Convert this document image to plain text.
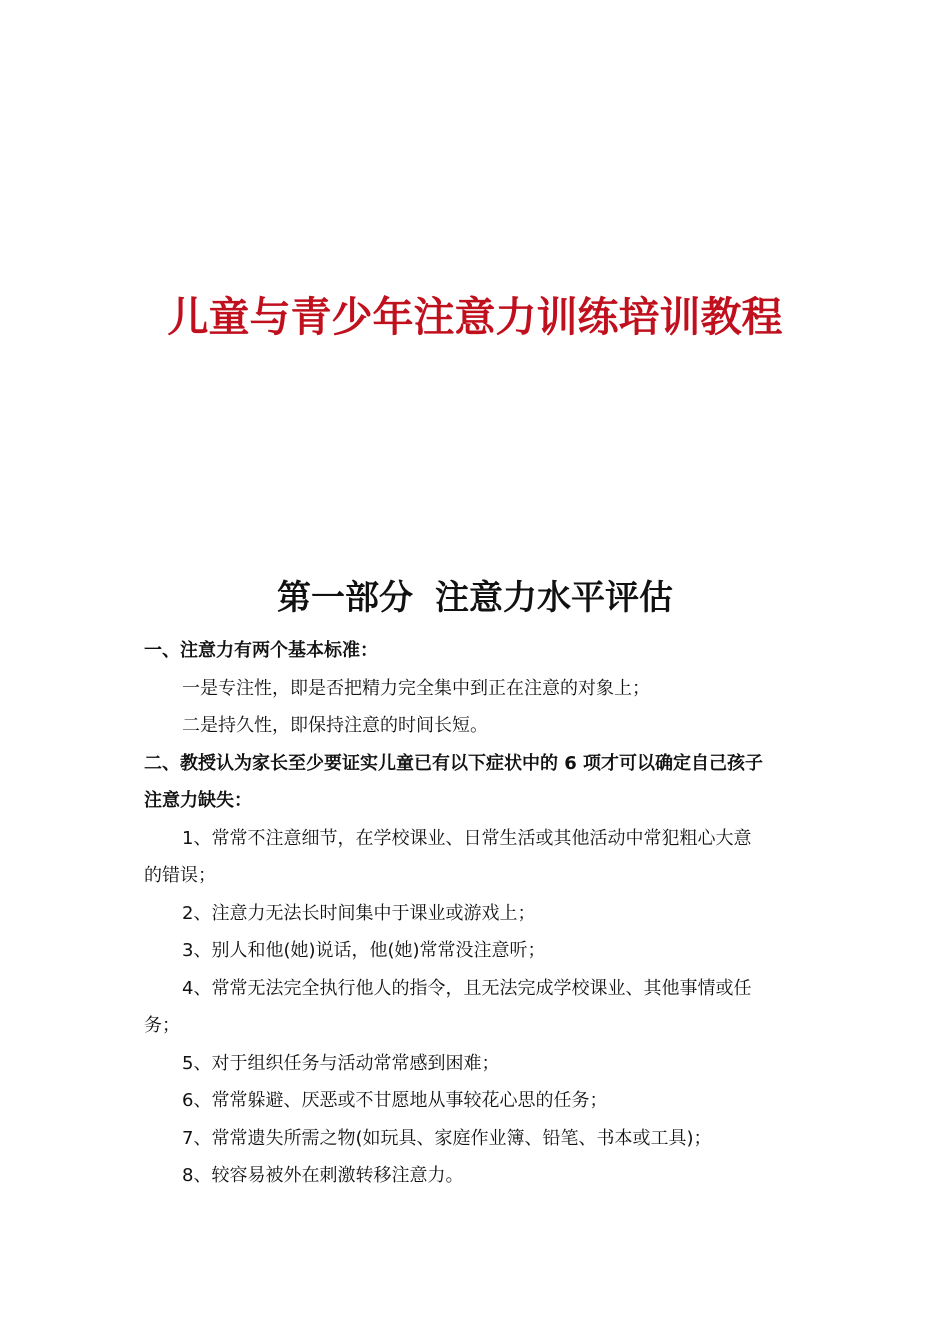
儿童与青少年注意力训练培训教程
第一部分 注意力水平评估
一、注意力有两个基本标准：
一是专注性，即是否把精力完全集中到正在注意的对象上；
二是持久性，即保持注意的时间长短。
二、教授认为家长至少要证实儿童已有以下症状中的 6 项才可以确定自己孩子
注意力缺失：
1、常常不注意细节，在学校课业、日常生活或其他活动中常犯粗心大意
的错误；
2、注意力无法长时间集中于课业或游戏上；
3、别人和他(她)说话，他(她)常常没注意听；
4、常常无法完全执行他人的指令，且无法完成学校课业、其他事情或任
务；
5、对于组织任务与活动常常感到困难；
6、常常躲避、厌恶或不甘愿地从事较花心思的任务；
7、常常遗失所需之物(如玩具、家庭作业簿、铅笔、书本或工具)；
8、较容易被外在刺激转移注意力。
